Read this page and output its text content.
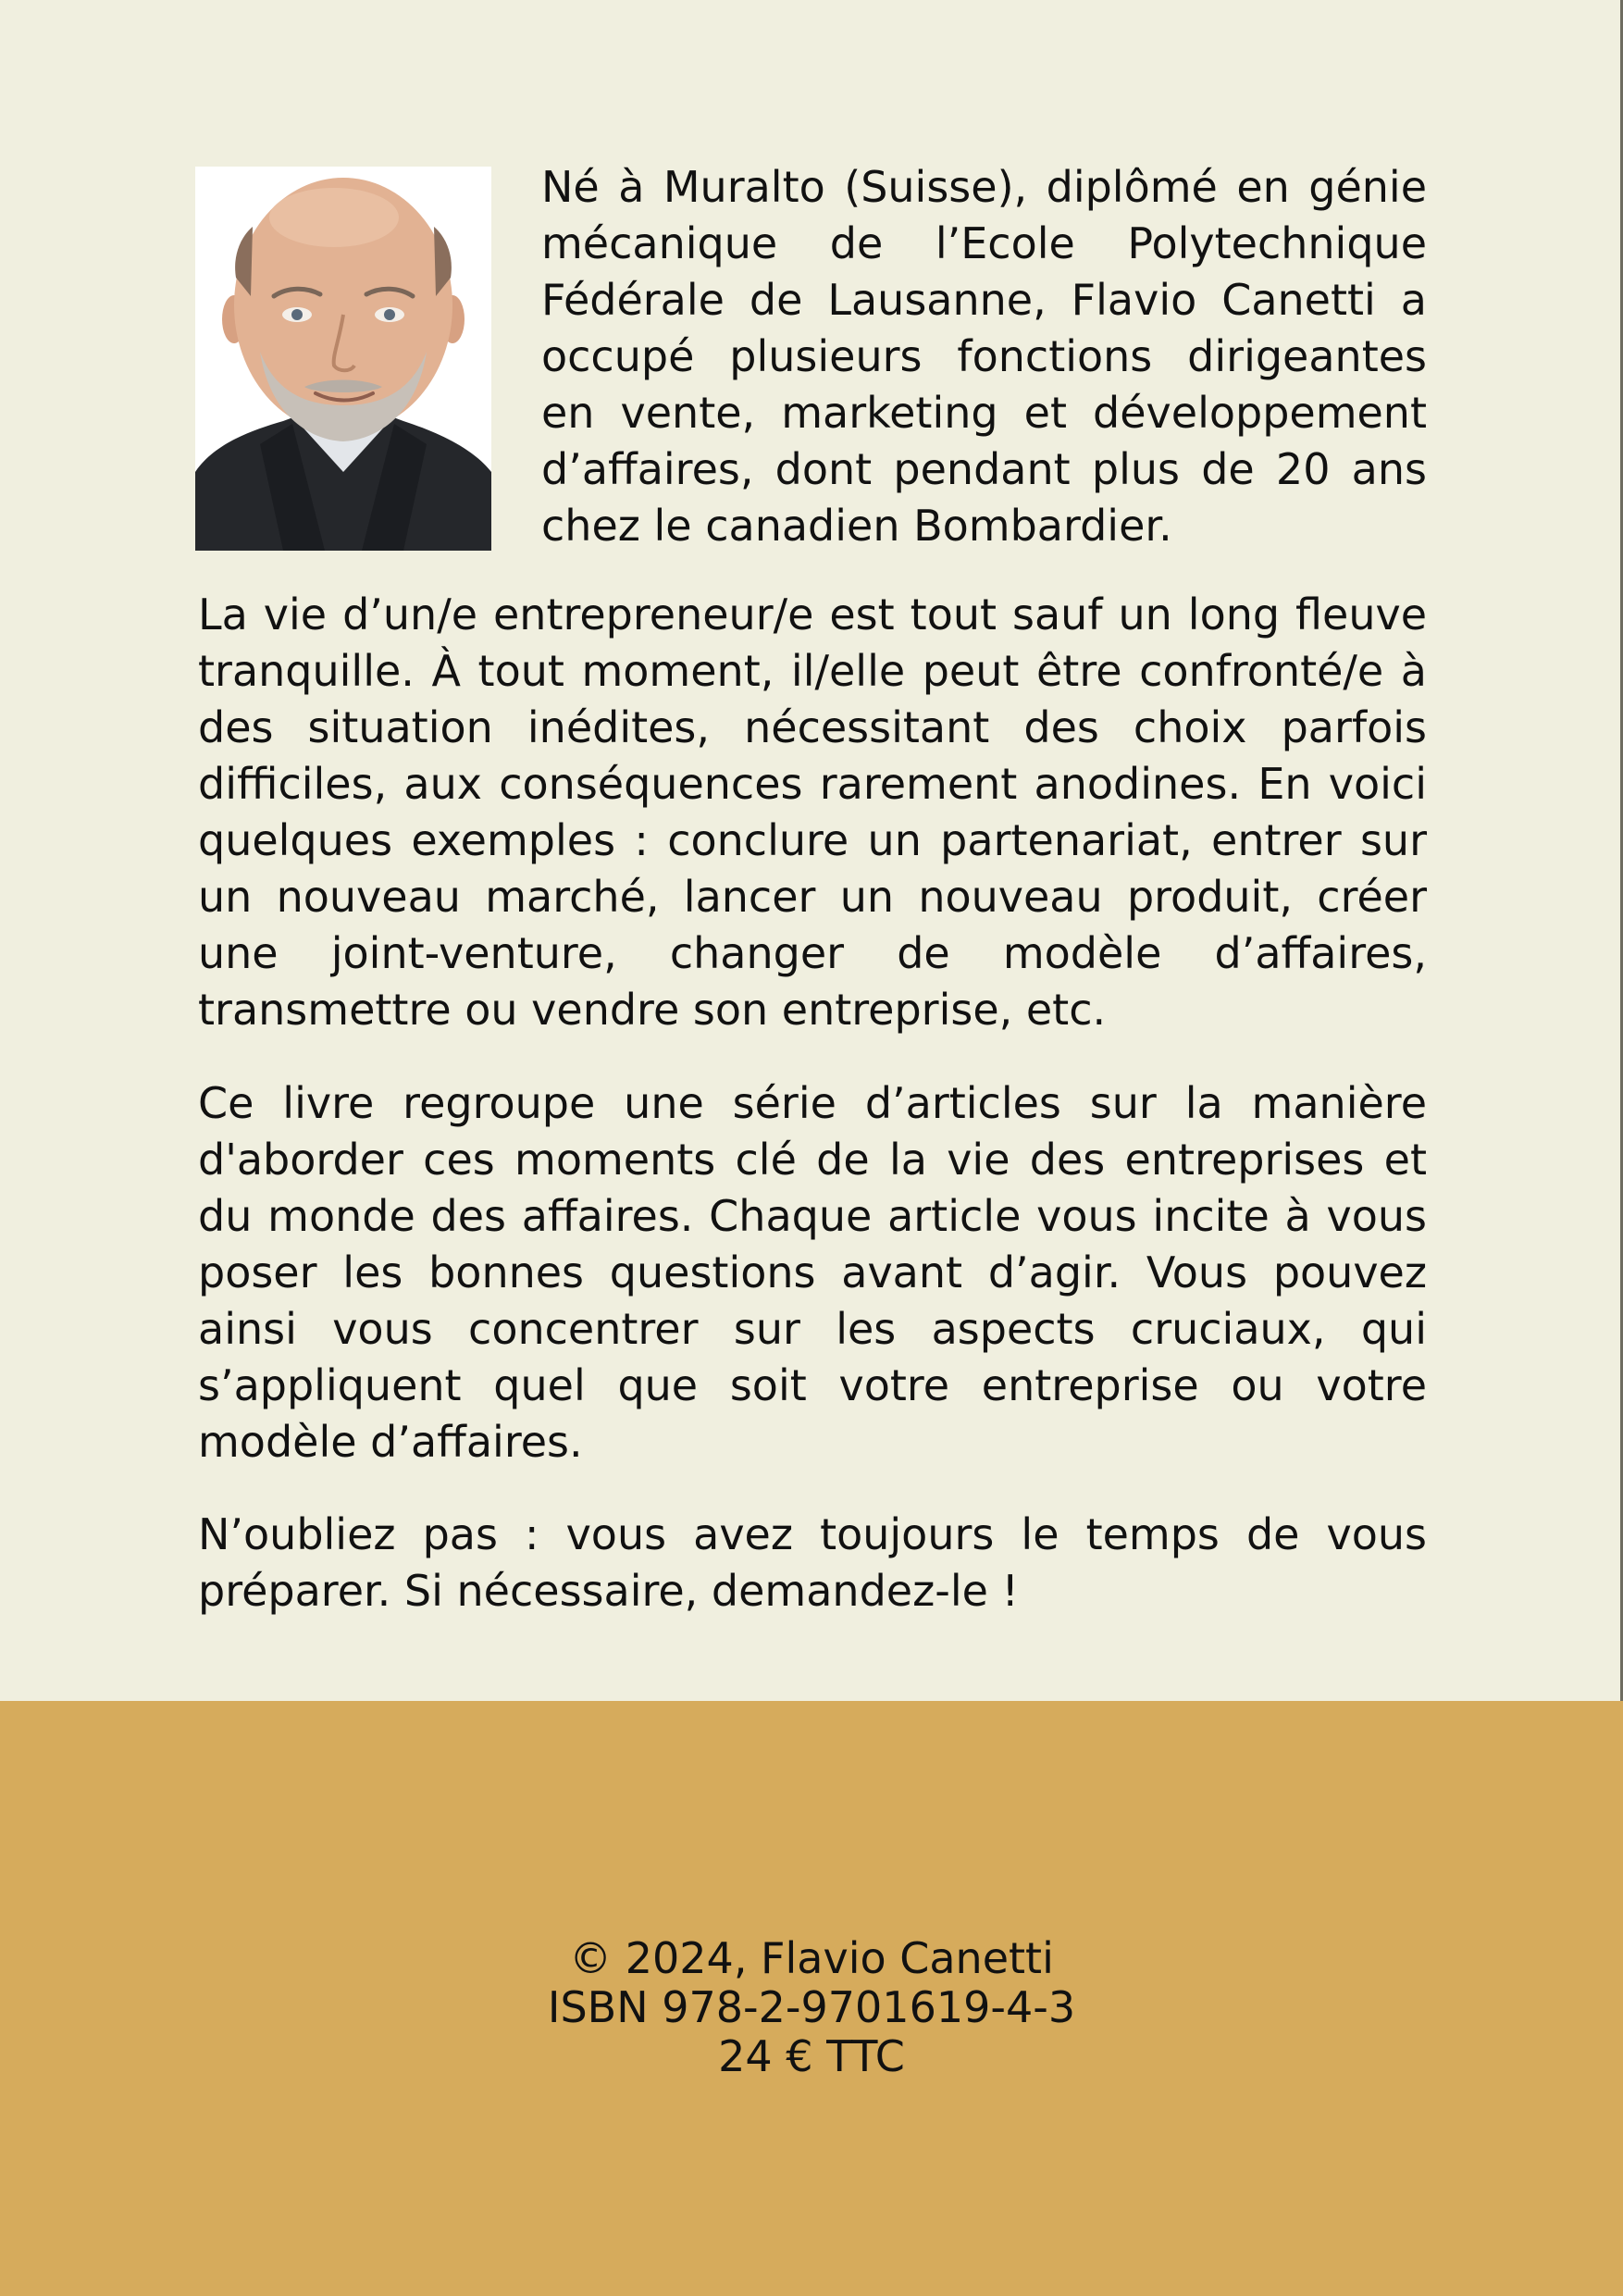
Né à Muralto (Suisse), diplômé en génie mécanique de l’Ecole Polytechnique Fédérale de Lausanne, Flavio Canetti a occupé plusieurs fonctions dirigeantes en vente, marketing et développement d’affaires, dont pendant plus de 20 ans chez le canadien Bombardier.

La vie d’un/e entrepreneur/e est tout sauf un long fleuve tranquille. À tout moment, il/elle peut être confronté/e à des situation inédites, nécessitant des choix parfois difficiles, aux conséquences rarement anodines. En voici quelques exemples : conclure un partenariat, entrer sur un nouveau marché, lancer un nouveau produit, créer une joint-venture, changer de modèle d’affaires, transmettre ou vendre son entreprise, etc.

Ce livre regroupe une série d’articles sur la manière d'aborder ces moments clé de la vie des entreprises et du monde des affaires. Chaque article vous incite à vous poser les bonnes questions avant d’agir. Vous pouvez ainsi vous concentrer sur les aspects cruciaux, qui s’appliquent quel que soit votre entreprise ou votre modèle d’affaires.

N’oubliez pas : vous avez toujours le temps de vous préparer. Si nécessaire, demandez-le !

© 2024, Flavio Canetti
ISBN 978-2-9701619-4-3
24 € TTC
